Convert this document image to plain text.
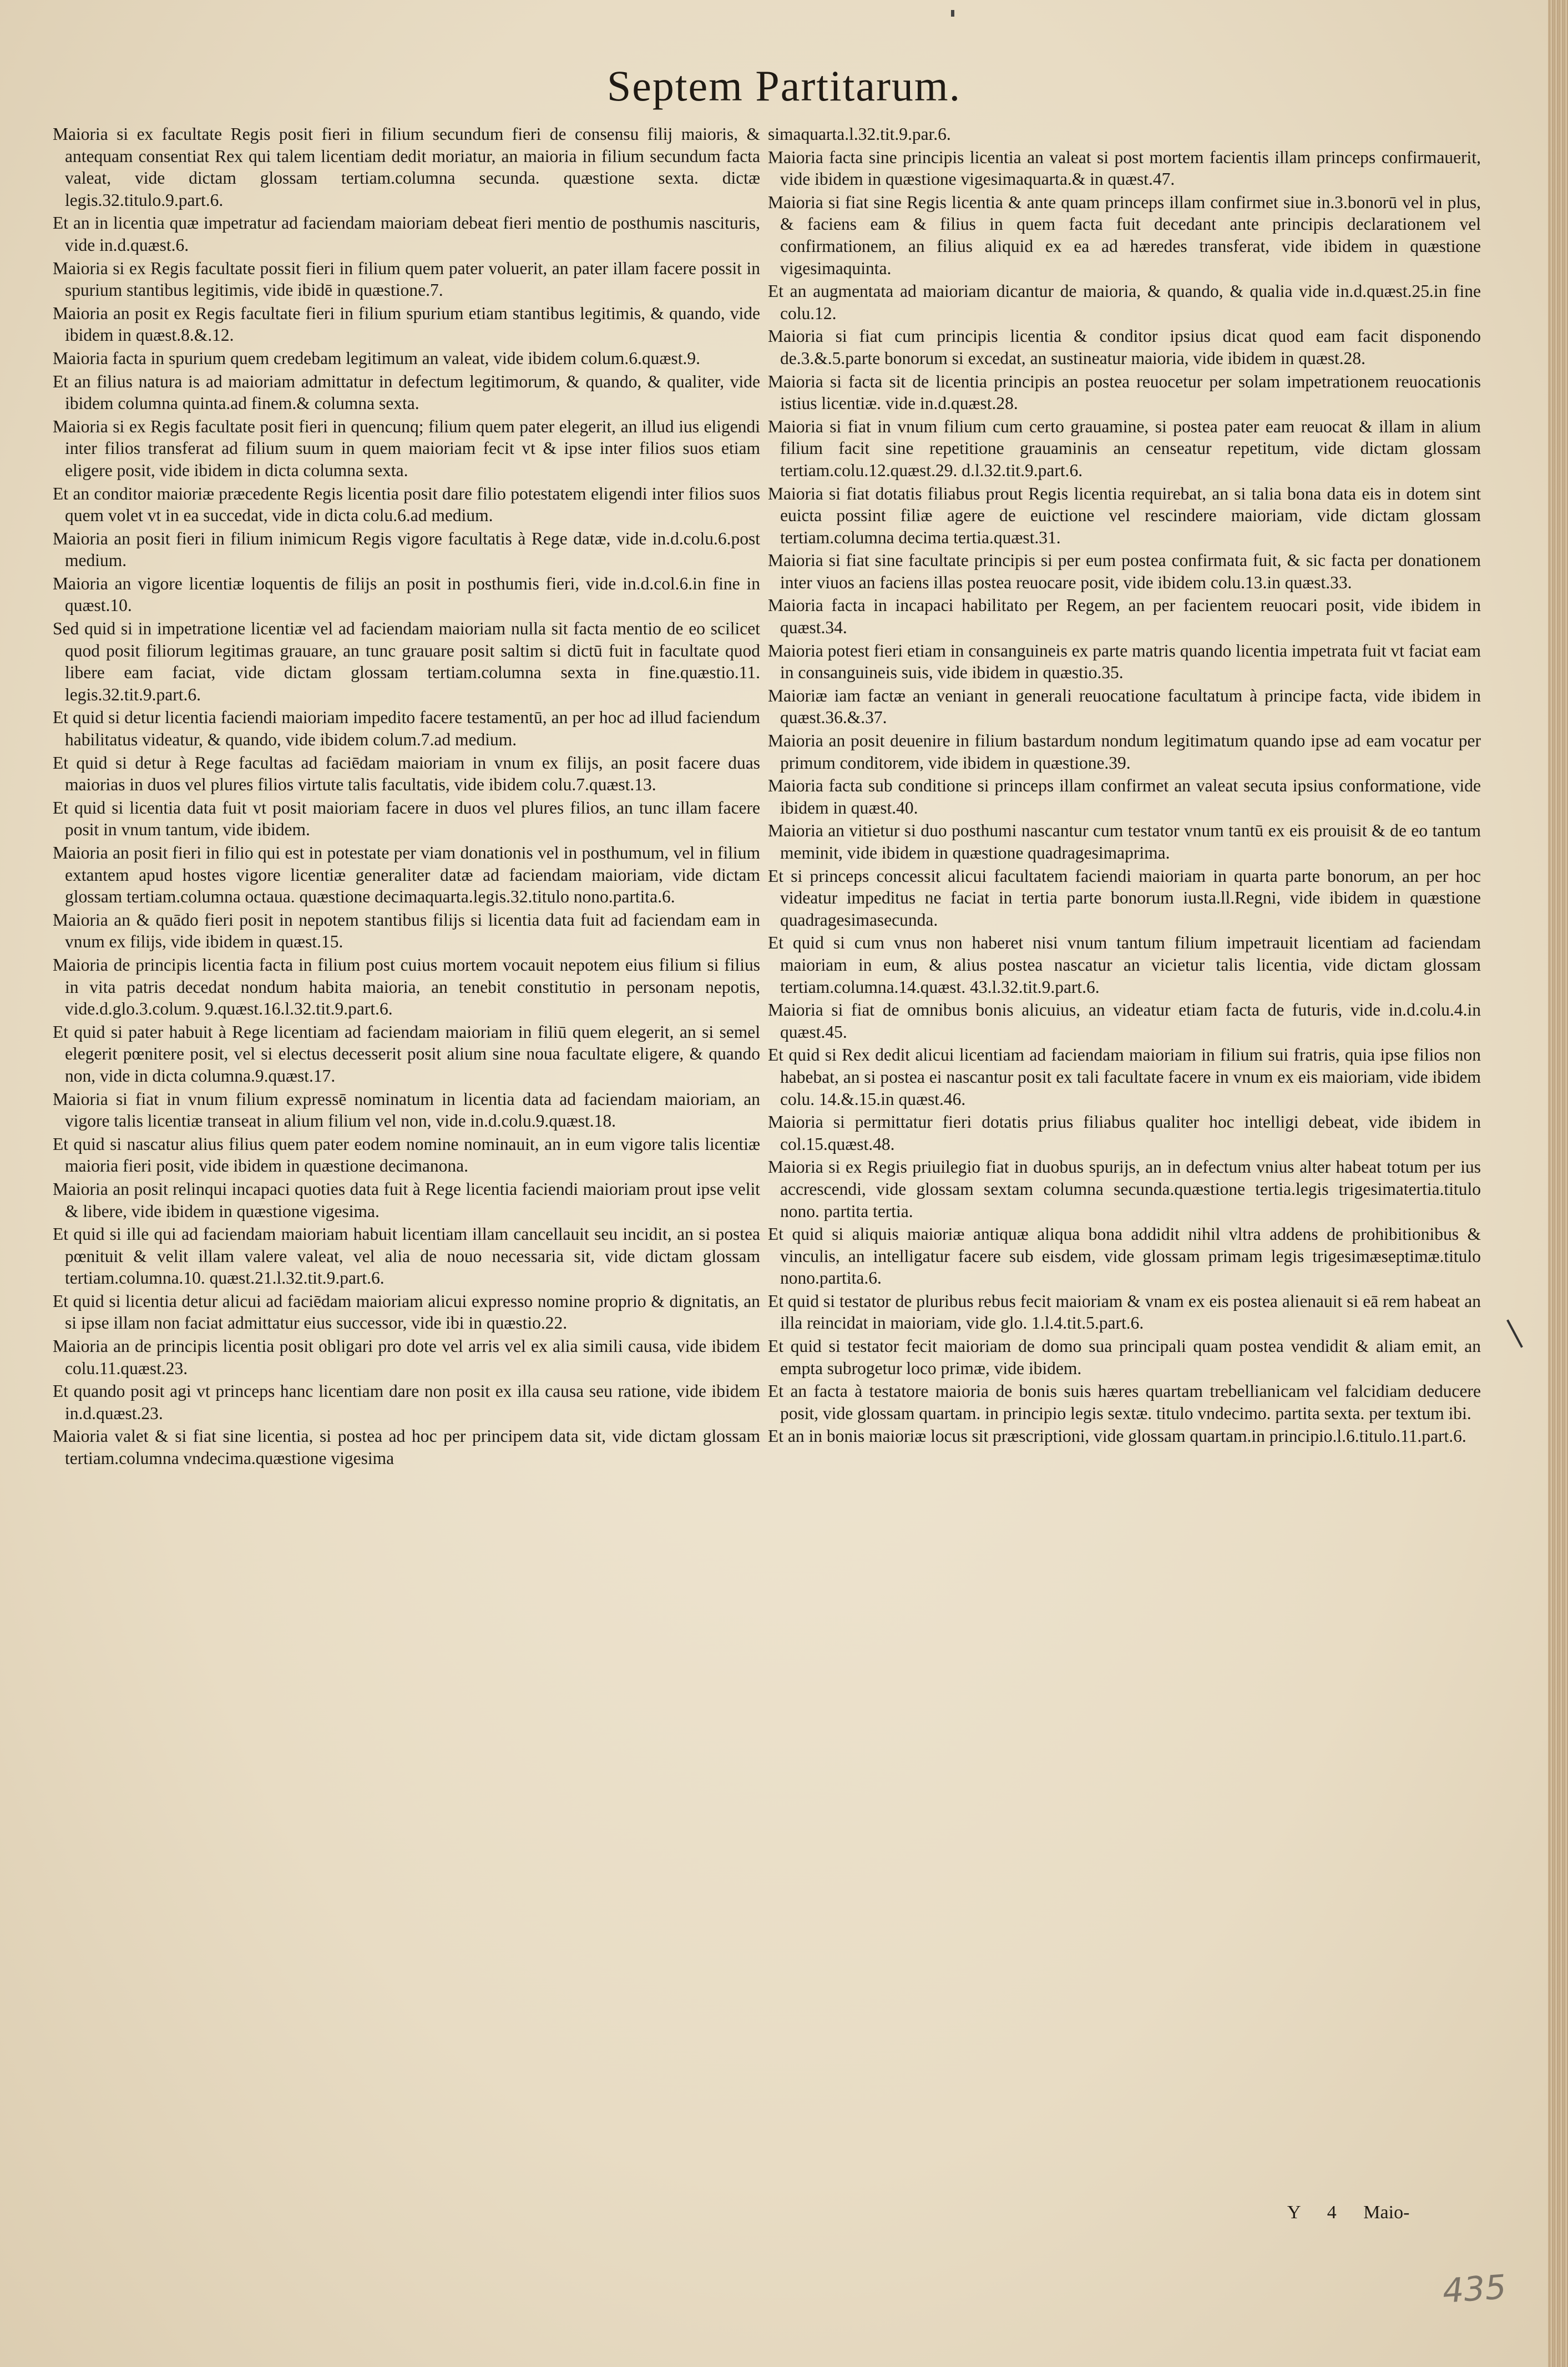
Septem Partitarum.

Maioria si ex facultate Regis posit fieri in filium secundum fieri de consensu filij maioris, & antequam consentiat Rex qui talem licentiam dedit moriatur, an maioria in filium secundum facta valeat, vide dictam glossam tertiam.columna secunda. quæstione sexta. dictæ legis.32.titulo.9.part.6.

Et an in licentia quæ impetratur ad faciendam maioriam debeat fieri mentio de posthumis nascituris, vide in.d.quæst.6.

Maioria si ex Regis facultate possit fieri in filium quem pater voluerit, an pater illam facere possit in spurium stantibus legitimis, vide ibidē in quæstione.7.

Maioria an posit ex Regis facultate fieri in filium spurium etiam stantibus legitimis, & quando, vide ibidem in quæst.8.&.12.

Maioria facta in spurium quem credebam legitimum an valeat, vide ibidem colum.6.quæst.9.

Et an filius natura is ad maioriam admittatur in defectum legitimorum, & quando, & qualiter, vide ibidem columna quinta.ad finem.& columna sexta.

Maioria si ex Regis facultate posit fieri in quencunq; filium quem pater elegerit, an illud ius eligendi inter filios transferat ad filium suum in quem maioriam fecit vt & ipse inter filios suos etiam eligere posit, vide ibidem in dicta columna sexta.

Et an conditor maioriæ præcedente Regis licentia posit dare filio potestatem eligendi inter filios suos quem volet vt in ea succedat, vide in dicta colu.6.ad medium.

Maioria an posit fieri in filium inimicum Regis vigore facultatis à Rege datæ, vide in.d.colu.6.post medium.

Maioria an vigore licentiæ loquentis de filijs an posit in posthumis fieri, vide in.d.col.6.in fine in quæst.10.

Sed quid si in impetratione licentiæ vel ad faciendam maioriam nulla sit facta mentio de eo scilicet quod posit filiorum legitimas grauare, an tunc grauare posit saltim si dictū fuit in facultate quod libere eam faciat, vide dictam glossam tertiam.columna sexta in fine.quæstio.11. legis.32.tit.9.part.6.

Et quid si detur licentia faciendi maioriam impedito facere testamentū, an per hoc ad illud faciendum habilitatus videatur, & quando, vide ibidem colum.7.ad medium.

Et quid si detur à Rege facultas ad faciēdam maioriam in vnum ex filijs, an posit facere duas maiorias in duos vel plures filios virtute talis facultatis, vide ibidem colu.7.quæst.13.

Et quid si licentia data fuit vt posit maioriam facere in duos vel plures filios, an tunc illam facere posit in vnum tantum, vide ibidem.

Maioria an posit fieri in filio qui est in potestate per viam donationis vel in posthumum, vel in filium extantem apud hostes vigore licentiæ generaliter datæ ad faciendam maioriam, vide dictam glossam tertiam.columna octaua. quæstione decimaquarta.legis.32.titulo nono.partita.6.

Maioria an & quādo fieri posit in nepotem stantibus filijs si licentia data fuit ad faciendam eam in vnum ex filijs, vide ibidem in quæst.15.

Maioria de principis licentia facta in filium post cuius mortem vocauit nepotem eius filium si filius in vita patris decedat nondum habita maioria, an tenebit constitutio in personam nepotis, vide.d.glo.3.colum. 9.quæst.16.l.32.tit.9.part.6.

Et quid si pater habuit à Rege licentiam ad faciendam maioriam in filiū quem elegerit, an si semel elegerit pœnitere posit, vel si electus decesserit posit alium sine noua facultate eligere, & quando non, vide in dicta columna.9.quæst.17.

Maioria si fiat in vnum filium expressē nominatum in licentia data ad faciendam maioriam, an vigore talis licentiæ transeat in alium filium vel non, vide in.d.colu.9.quæst.18.

Et quid si nascatur alius filius quem pater eodem nomine nominauit, an in eum vigore talis licentiæ maioria fieri posit, vide ibidem in quæstione decimanona.

Maioria an posit relinqui incapaci quoties data fuit à Rege licentia faciendi maioriam prout ipse velit & libere, vide ibidem in quæstione vigesima.

Et quid si ille qui ad faciendam maioriam habuit licentiam illam cancellauit seu incidit, an si postea pœnituit & velit illam valere valeat, vel alia de nouo necessaria sit, vide dictam glossam tertiam.columna.10. quæst.21.l.32.tit.9.part.6.

Et quid si licentia detur alicui ad faciēdam maioriam alicui expresso nomine proprio & dignitatis, an si ipse illam non faciat admittatur eius successor, vide ibi in quæstio.22.

Maioria an de principis licentia posit obligari pro dote vel arris vel ex alia simili causa, vide ibidem colu.11.quæst.23.

Et quando posit agi vt princeps hanc licentiam dare non posit ex illa causa seu ratione, vide ibidem in.d.quæst.23.

Maioria valet & si fiat sine licentia, si postea ad hoc per principem data sit, vide dictam glossam tertiam.columna vndecima.quæstione vigesima

simaquarta.l.32.tit.9.par.6.

Maioria facta sine principis licentia an valeat si post mortem facientis illam princeps confirmauerit, vide ibidem in quæstione vigesimaquarta.& in quæst.47.

Maioria si fiat sine Regis licentia & ante quam princeps illam confirmet siue in.3.bonorū vel in plus, & faciens eam & filius in quem facta fuit decedant ante principis declarationem vel confirmationem, an filius aliquid ex ea ad hæredes transferat, vide ibidem in quæstione vigesimaquinta.

Et an augmentata ad maioriam dicantur de maioria, & quando, & qualia vide in.d.quæst.25.in fine colu.12.

Maioria si fiat cum principis licentia & conditor ipsius dicat quod eam facit disponendo de.3.&.5.parte bonorum si excedat, an sustineatur maioria, vide ibidem in quæst.28.

Maioria si facta sit de licentia principis an postea reuocetur per solam impetrationem reuocationis istius licentiæ. vide in.d.quæst.28.

Maioria si fiat in vnum filium cum certo grauamine, si postea pater eam reuocat & illam in alium filium facit sine repetitione grauaminis an censeatur repetitum, vide dictam glossam tertiam.colu.12.quæst.29. d.l.32.tit.9.part.6.

Maioria si fiat dotatis filiabus prout Regis licentia requirebat, an si talia bona data eis in dotem sint euicta possint filiæ agere de euictione vel rescindere maioriam, vide dictam glossam tertiam.columna decima tertia.quæst.31.

Maioria si fiat sine facultate principis si per eum postea confirmata fuit, & sic facta per donationem inter viuos an faciens illas postea reuocare posit, vide ibidem colu.13.in quæst.33.

Maioria facta in incapaci habilitato per Regem, an per facientem reuocari posit, vide ibidem in quæst.34.

Maioria potest fieri etiam in consanguineis ex parte matris quando licentia impetrata fuit vt faciat eam in consanguineis suis, vide ibidem in quæstio.35.

Maioriæ iam factæ an veniant in generali reuocatione facultatum à principe facta, vide ibidem in quæst.36.&.37.

Maioria an posit deuenire in filium bastardum nondum legitimatum quando ipse ad eam vocatur per primum conditorem, vide ibidem in quæstione.39.

Maioria facta sub conditione si princeps illam confirmet an valeat secuta ipsius conformatione, vide ibidem in quæst.40.

Maioria an vitietur si duo posthumi nascantur cum testator vnum tantū ex eis prouisit & de eo tantum meminit, vide ibidem in quæstione quadragesimaprima.

Et si princeps concessit alicui facultatem faciendi maioriam in quarta parte bonorum, an per hoc videatur impeditus ne faciat in tertia parte bonorum iusta.ll.Regni, vide ibidem in quæstione quadragesimasecunda.

Et quid si cum vnus non haberet nisi vnum tantum filium impetrauit licentiam ad faciendam maioriam in eum, & alius postea nascatur an vicietur talis licentia, vide dictam glossam tertiam.columna.14.quæst. 43.l.32.tit.9.part.6.

Maioria si fiat de omnibus bonis alicuius, an videatur etiam facta de futuris, vide in.d.colu.4.in quæst.45.

Et quid si Rex dedit alicui licentiam ad faciendam maioriam in filium sui fratris, quia ipse filios non habebat, an si postea ei nascantur posit ex tali facultate facere in vnum ex eis maioriam, vide ibidem colu. 14.&.15.in quæst.46.

Maioria si permittatur fieri dotatis prius filiabus qualiter hoc intelligi debeat, vide ibidem in col.15.quæst.48.

Maioria si ex Regis priuilegio fiat in duobus spurijs, an in defectum vnius alter habeat totum per ius accrescendi, vide glossam sextam columna secunda.quæstione tertia.legis trigesimatertia.titulo nono. partita tertia.

Et quid si aliquis maioriæ antiquæ aliqua bona addidit nihil vltra addens de prohibitionibus & vinculis, an intelligatur facere sub eisdem, vide glossam primam legis trigesimæseptimæ.titulo nono.partita.6.

Et quid si testator de pluribus rebus fecit maioriam & vnam ex eis postea alienauit si eā rem habeat an illa reincidat in maioriam, vide glo. 1.l.4.tit.5.part.6.

Et quid si testator fecit maioriam de domo sua principali quam postea vendidit & aliam emit, an empta subrogetur loco primæ, vide ibidem.

Et an facta à testatore maioria de bonis suis hæres quartam trebellianicam vel falcidiam deducere posit, vide glossam quartam. in principio legis sextæ. titulo vndecimo. partita sexta. per textum ibi.

Et an in bonis maioriæ locus sit præscriptioni, vide glossam quartam.in principio.l.6.titulo.11.part.6.

Y 4 Maio-
435
